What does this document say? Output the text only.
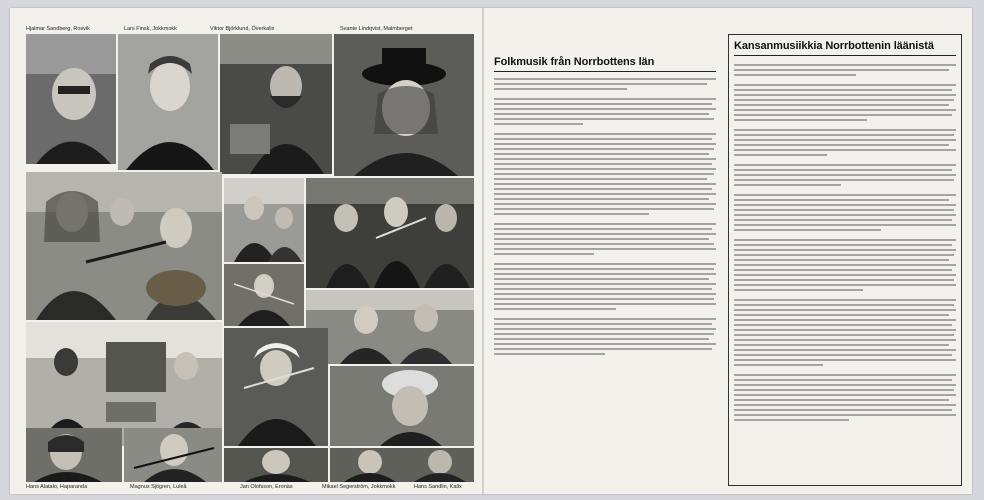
Hjalmar Sandberg, Rosvik	Lars Finsk, Jokkmokk	Viktor Björklund, Överkalix	Svante Lindqvist, Malmberget
Hans Alatalo, Haparanda	Magnus Sjögren, Luleå	Jan Olofsson, Eronäs	Mikael Segerström, Jokkmokk	Hans Sandlin, Kalix
Folkmusik från Norrbottens län
Kansanmusiikkia Norrbottenin läänistä
